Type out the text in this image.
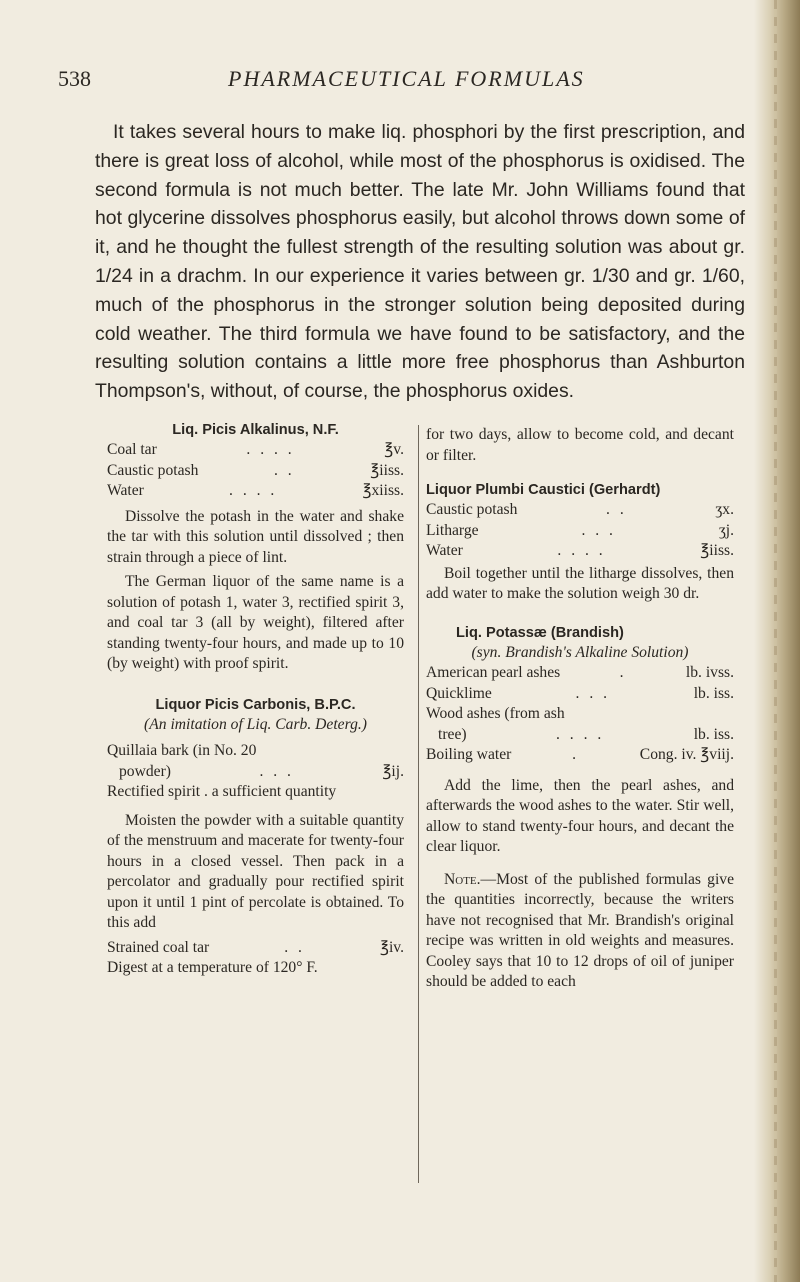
538	PHARMACEUTICAL FORMULAS

It takes several hours to make liq. phosphori by the first prescription, and there is great loss of alcohol, while most of the phosphorus is oxidised. The second formula is not much better. The late Mr. John Williams found that hot glycerine dissolves phosphorus easily, but alcohol throws down some of it, and he thought the fullest strength of the resulting solution was about gr. 1/24 in a drachm. In our experience it varies between gr. 1/30 and gr. 1/60, much of the phosphorus in the stronger solution being deposited during cold weather. The third formula we have found to be satisfactory, and the resulting solution contains a little more free phosphorus than Ashburton Thompson's, without, of course, the phosphorus oxides.

Liq. Picis Alkalinus, N.F.
Coal tar	. . . .	℥v.
Caustic potash	. .	℥iiss.
Water	. . . .	℥xiiss.
Dissolve the potash in the water and shake the tar with this solution until dissolved ; then strain through a piece of lint.
The German liquor of the same name is a solution of potash 1, water 3, rectified spirit 3, and coal tar 3 (all by weight), filtered after standing twenty-four hours, and made up to 10 (by weight) with proof spirit.
Liquor Picis Carbonis, B.P.C.
(An imitation of Liq. Carb. Deterg.)
Quillaia bark (in No. 20
powder)	. . .	℥ij.
Rectified spirit . a sufficient quantity
Moisten the powder with a suitable quantity of the menstruum and macerate for twenty-four hours in a closed vessel. Then pack in a percolator and gradually pour rectified spirit upon it until 1 pint of percolate is obtained. To this add
Strained coal tar	. .	℥iv.
Digest at a temperature of 120° F.
for two days, allow to become cold, and decant or filter.
Liquor Plumbi Caustici (Gerhardt)
Caustic potash	. .	ʒx.
Litharge	. . .	ʒj.
Water	. . . .	℥iiss.
Boil together until the litharge dissolves, then add water to make the solution weigh 30 dr.
Liq. Potassæ (Brandish)
(syn. Brandish's Alkaline Solution)
American pearl ashes	.	lb. ivss.
Quicklime	. . .	lb. iss.
Wood ashes (from ash
tree)	. . . .	lb. iss.
Boiling water	.	Cong. iv. ℥viij.
Add the lime, then the pearl ashes, and afterwards the wood ashes to the water. Stir well, allow to stand twenty-four hours, and decant the clear liquor.
Note.—Most of the published formulas give the quantities incorrectly, because the writers have not recognised that Mr. Brandish's original recipe was written in old weights and measures. Cooley says that 10 to 12 drops of oil of juniper should be added to each
